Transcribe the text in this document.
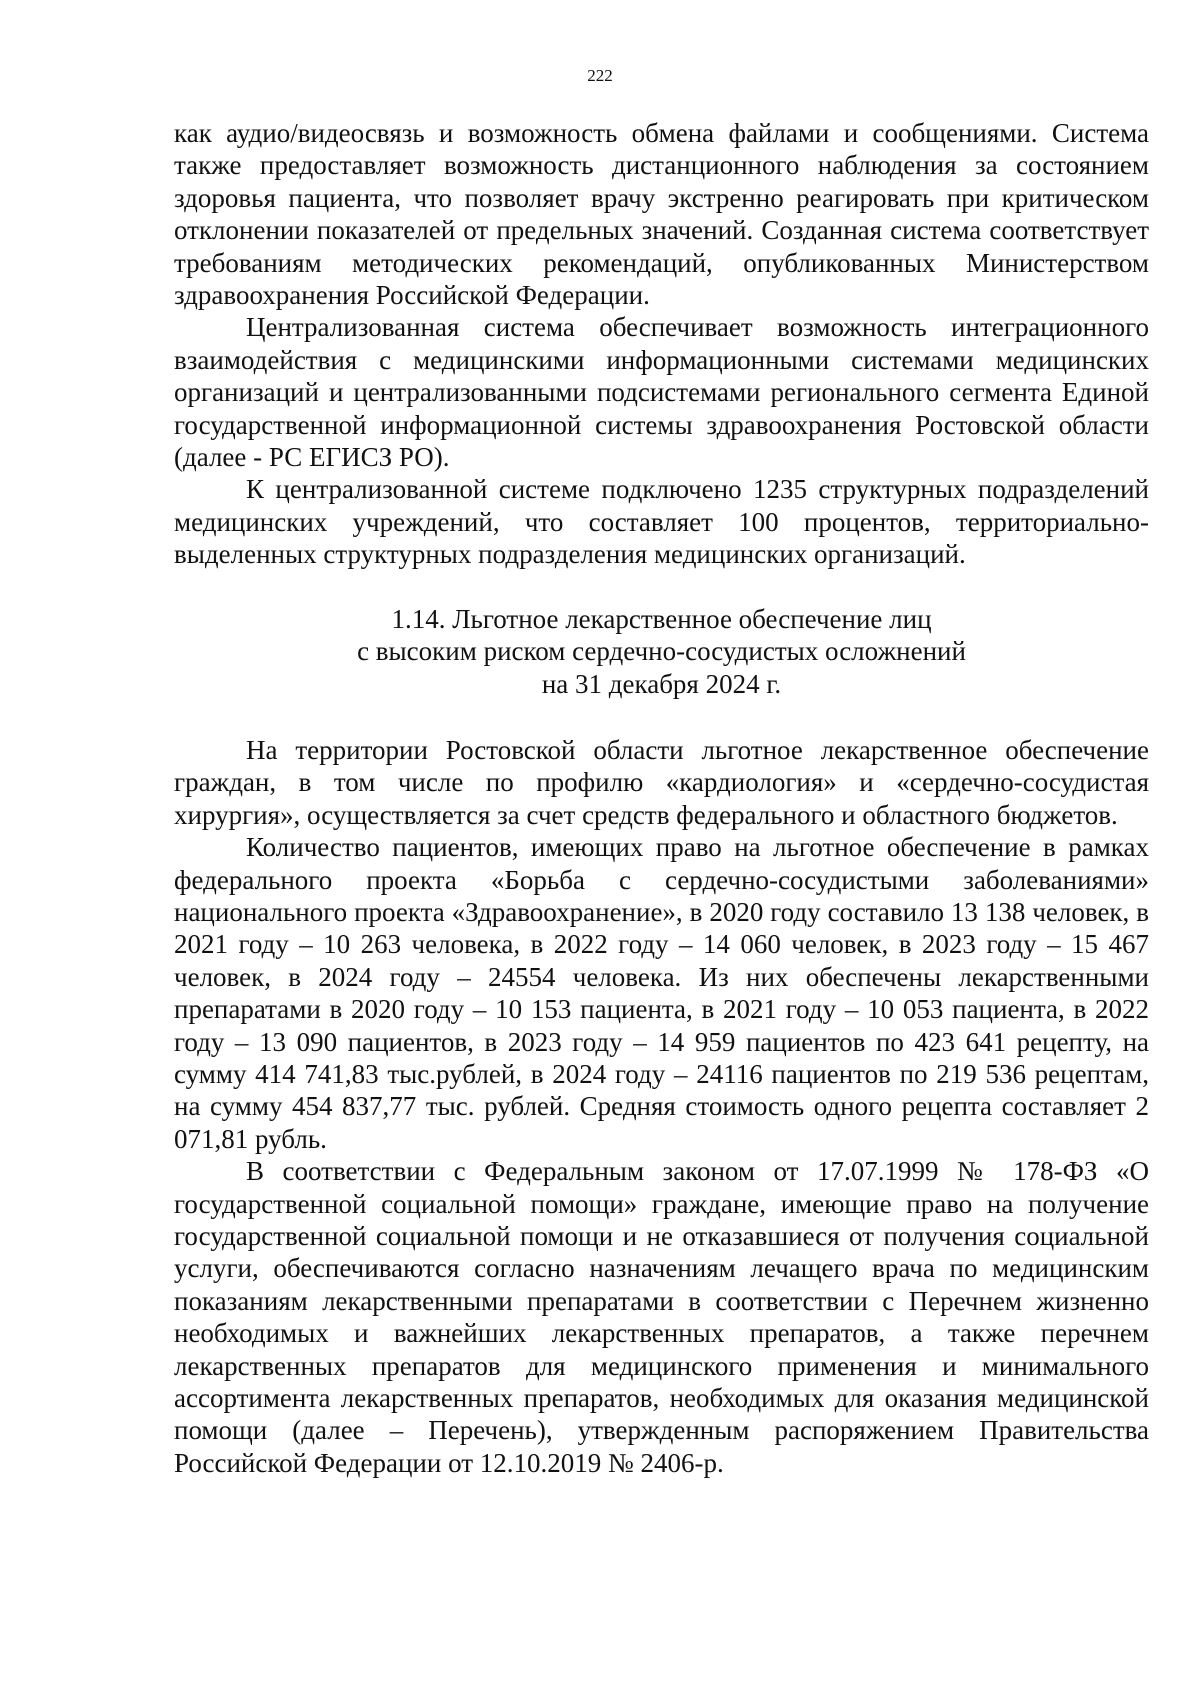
222

как аудио/видеосвязь и возможность обмена файлами и сообщениями. Система также предоставляет возможность дистанционного наблюдения за состоянием здоровья пациента, что позволяет врачу экстренно реагировать при критическом отклонении показателей от предельных значений. Созданная система соответствует требованиям методических рекомендаций, опубликованных Министерством здравоохранения Российской Федерации.

Централизованная система обеспечивает возможность интеграционного взаимодействия с медицинскими информационными системами медицинских организаций и централизованными подсистемами регионального сегмента Единой государственной информационной системы здравоохранения Ростовской области (далее - РС ЕГИСЗ РО).

К централизованной системе подключено 1235 структурных подразделений медицинских учреждений, что составляет 100 процентов, территориально-выделенных структурных подразделения медицинских организаций.

1.14. Льготное лекарственное обеспечение лиц

с высоким риском сердечно-сосудистых осложнений

на 31 декабря 2024 г.

На территории Ростовской области льготное лекарственное обеспечение граждан, в том числе по профилю «кардиология» и «сердечно-сосудистая хирургия», осуществляется за счет средств федерального и областного бюджетов.

Количество пациентов, имеющих право на льготное обеспечение в рамках федерального проекта «Борьба с сердечно-сосудистыми заболеваниями» национального проекта «Здравоохранение», в 2020 году составило 13 138 человек, в 2021 году – 10 263 человека, в 2022 году – 14 060 человек, в 2023 году – 15 467 человек, в 2024 году – 24554 человека. Из них обеспечены лекарственными препаратами в 2020 году – 10 153 пациента, в 2021 году – 10 053 пациента, в 2022 году – 13 090 пациентов, в 2023 году – 14 959 пациентов по 423 641 рецепту, на сумму 414 741,83 тыс.рублей, в 2024 году – 24116 пациентов по 219 536 рецептам, на сумму 454 837,77 тыс. рублей. Средняя стоимость одного рецепта составляет 2 071,81 рубль.

В соответствии с Федеральным законом от 17.07.1999 № 178-ФЗ «О государственной социальной помощи» граждане, имеющие право на получение государственной социальной помощи и не отказавшиеся от получения социальной услуги, обеспечиваются согласно назначениям лечащего врача по медицинским показаниям лекарственными препаратами в соответствии с Перечнем жизненно необходимых и важнейших лекарственных препаратов, а также перечнем лекарственных препаратов для медицинского применения и минимального ассортимента лекарственных препаратов, необходимых для оказания медицинской помощи (далее – Перечень), утвержденным распоряжением Правительства Российской Федерации от 12.10.2019 № 2406-р.
